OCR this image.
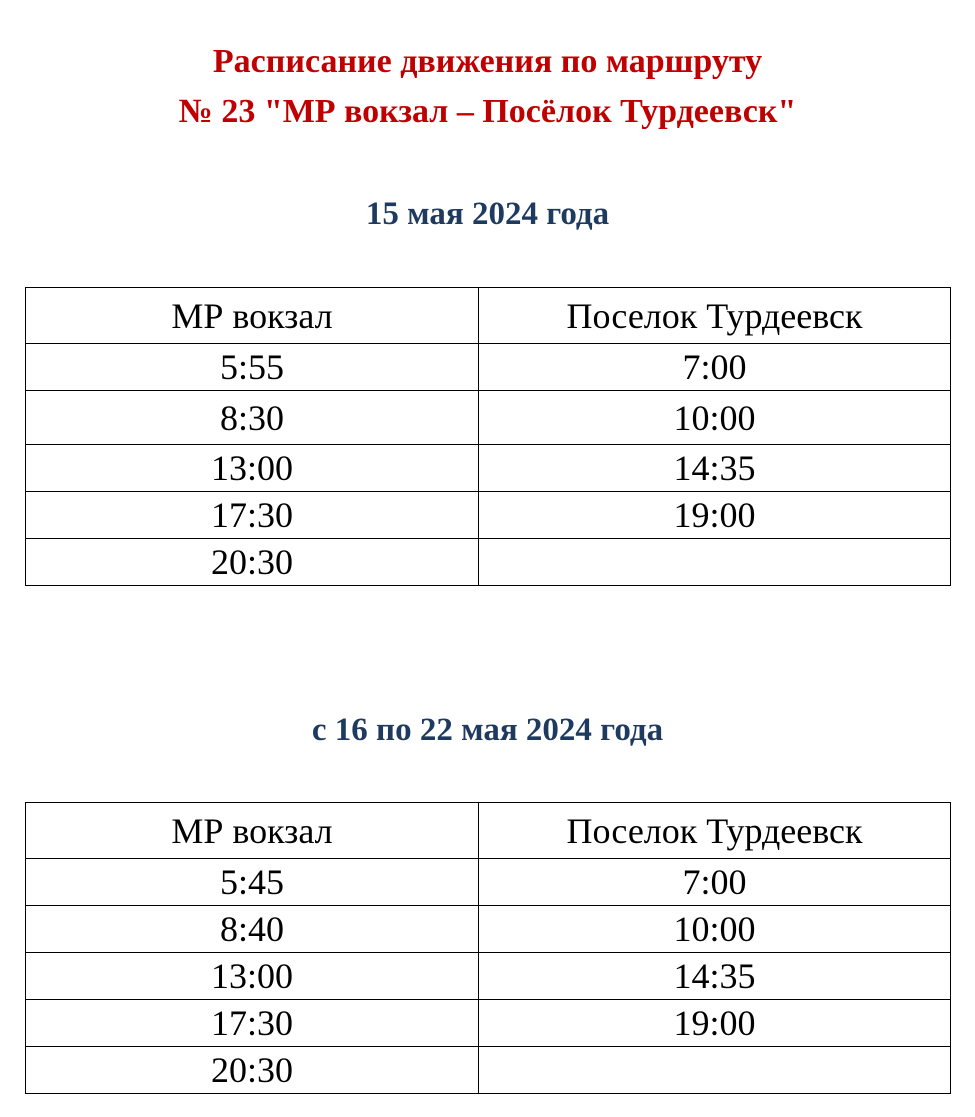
Расписание движения по маршруту
№ 23 "МР вокзал – Посёлок Турдеевск"
15 мая 2024 года
МР вокзал	Поселок Турдеевск
5:55	7:00
8:30	10:00
13:00	14:35
17:30	19:00
20:30	
с 16 по 22 мая 2024 года
МР вокзал	Поселок Турдеевск
5:45	7:00
8:40	10:00
13:00	14:35
17:30	19:00
20:30	
